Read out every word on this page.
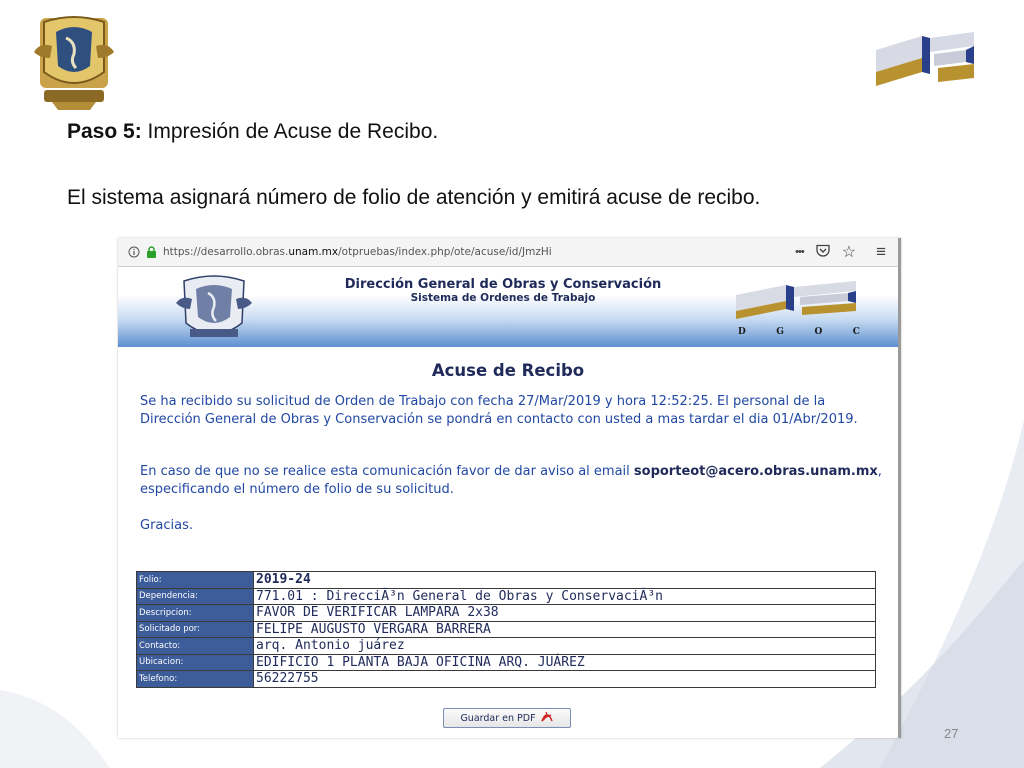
Paso 5: Impresión de Acuse de Recibo.
El sistema asignará número de folio de atención y emitirá acuse de recibo.
27
https://desarrollo.obras.unam.mx/otpruebas/index.php/ote/acuse/id/JmzHi	••• ☆ ≡
Dirección General de Obras y Conservación
Sistema de Ordenes de Trabajo
D	G	O	C
Acuse de Recibo
Se ha recibido su solicitud de Orden de Trabajo con fecha 27/Mar/2019 y hora 12:52:25. El personal de la Dirección General de Obras y Conservación se pondrá en contacto con usted a mas tardar el dia 01/Abr/2019.
En caso de que no se realice esta comunicación favor de dar aviso al email soporteot@acero.obras.unam.mx, especificando el número de folio de su solicitud.
Gracias.
Folio:	2019-24
Dependencia:	771.01 : DirecciÃ³n General de Obras y ConservaciÃ³n
Descripcion:	FAVOR DE VERIFICAR LAMPARA 2x38
Solicitado por:	FELIPE AUGUSTO VERGARA BARRERA
Contacto:	arq. Antonio juárez
Ubicacion:	EDIFICIO 1 PLANTA BAJA OFICINA ARQ. JUÁREZ
Telefono:	56222755
Guardar en PDF
